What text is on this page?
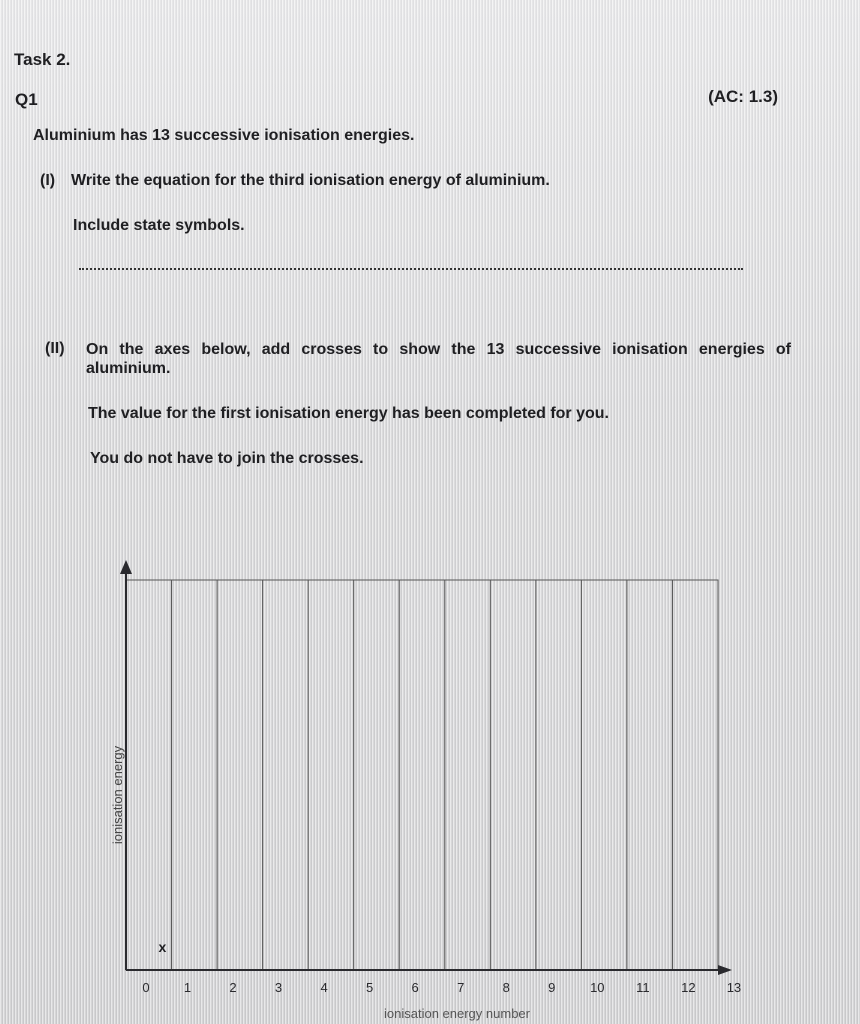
Task 2.
Q1	(AC: 1.3)
Aluminium has 13 successive ionisation energies.
(I) Write the equation for the third ionisation energy of aluminium.
Include state symbols.
(II) On the axes below, add crosses to show the 13 successive ionisation energies of aluminium.
The value for the first ionisation energy has been completed for you.
You do not have to join the crosses.
0	1	2	3	4	5	6	7	8	9	10 11 12 13
x
ionisation energy
ionisation energy number
